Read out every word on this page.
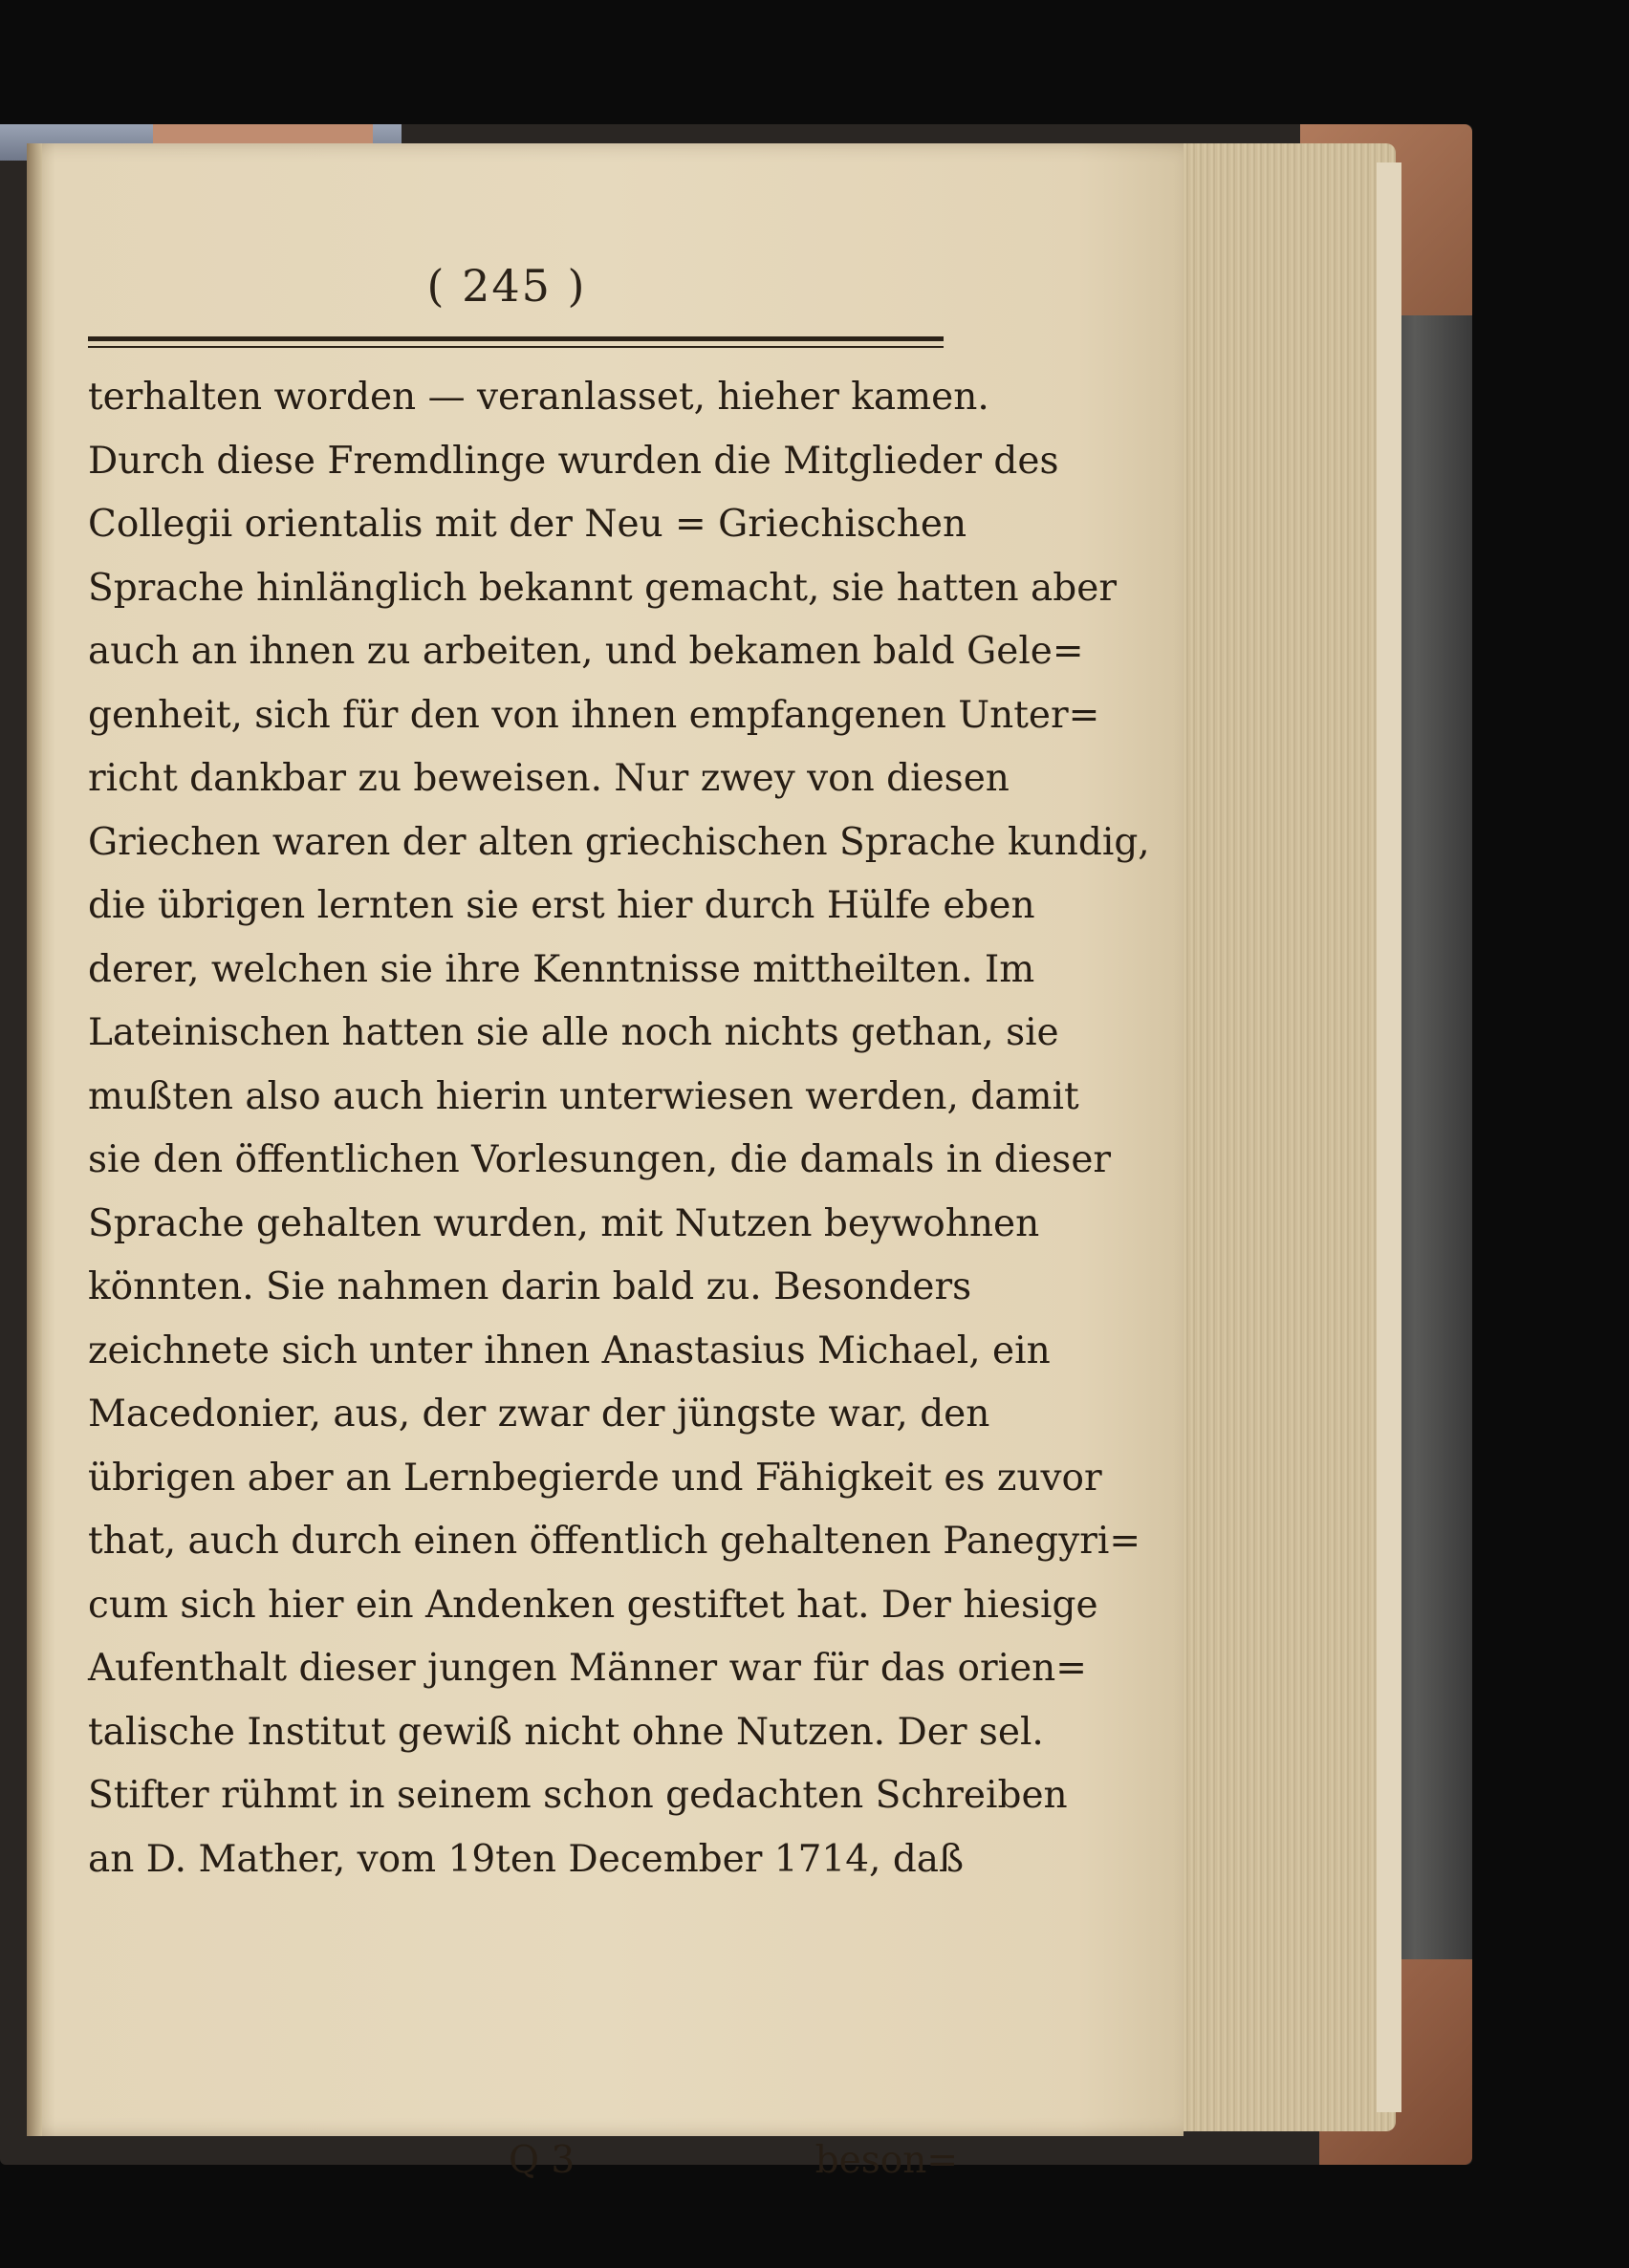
( 245 )
terhalten worden — veranlasset, hieher kamen.
Durch diese Fremdlinge wurden die Mitglieder des
Collegii orientalis mit der Neu = Griechischen
Sprache hinlänglich bekannt gemacht, sie hatten aber
auch an ihnen zu arbeiten, und bekamen bald Gele=
genheit, sich für den von ihnen empfangenen Unter=
richt dankbar zu beweisen. Nur zwey von diesen
Griechen waren der alten griechischen Sprache kundig,
die übrigen lernten sie erst hier durch Hülfe eben
derer, welchen sie ihre Kenntnisse mittheilten. Im
Lateinischen hatten sie alle noch nichts gethan, sie
mußten also auch hierin unterwiesen werden, damit
sie den öffentlichen Vorlesungen, die damals in dieser
Sprache gehalten wurden, mit Nutzen beywohnen
könnten. Sie nahmen darin bald zu. Besonders
zeichnete sich unter ihnen Anastasius Michael, ein
Macedonier, aus, der zwar der jüngste war, den
übrigen aber an Lernbegierde und Fähigkeit es zuvor
that, auch durch einen öffentlich gehaltenen Panegyri=
cum sich hier ein Andenken gestiftet hat. Der hiesige
Aufenthalt dieser jungen Männer war für das orien=
talische Institut gewiß nicht ohne Nutzen. Der sel.
Stifter rühmt in seinem schon gedachten Schreiben
an D. Mather, vom 19ten December 1714, daß
Q 3	beson=
